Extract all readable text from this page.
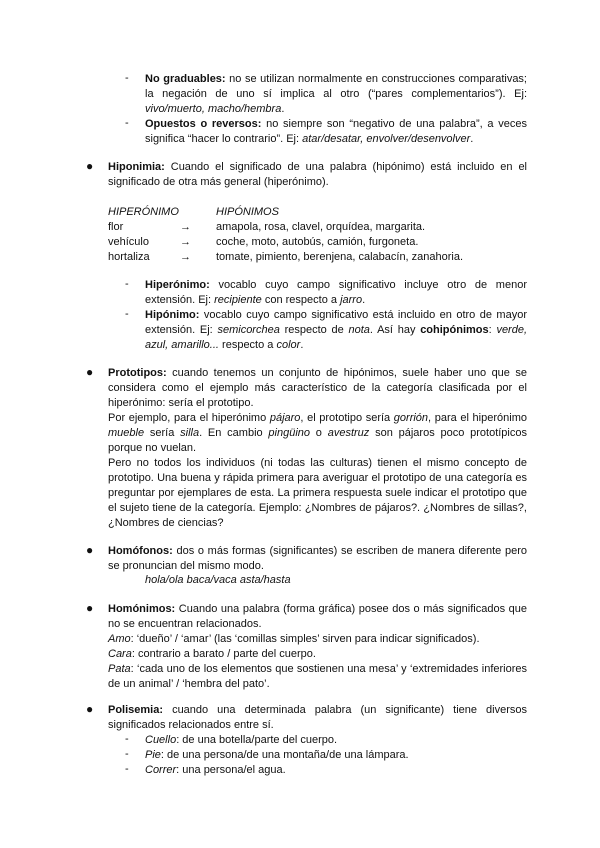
- No graduables: no se utilizan normalmente en construcciones comparativas; la negación de uno sí implica al otro (“pares complementarios”). Ej: vivo/muerto, macho/hembra.

- Opuestos o reversos: no siempre son “negativo de una palabra”, a veces significa “hacer lo contrario”. Ej: atar/desatar, envolver/desenvolver.

● Hiponimia: Cuando el significado de una palabra (hipónimo) está incluido en el significado de otra más general (hiperónimo).

HIPERÓNIMO	HIPÓNIMOS
flor	→ amapola, rosa, clavel, orquídea, margarita.
vehículo	→ coche, moto, autobús, camión, furgoneta.
hortaliza	→ tomate, pimiento, berenjena, calabacín, zanahoria.
- Hiperónimo: vocablo cuyo campo significativo incluye otro de menor extensión. Ej: recipiente con respecto a jarro.

- Hipónimo: vocablo cuyo campo significativo está incluido en otro de mayor extensión. Ej: semicorchea respecto de nota. Así hay cohipónimos: verde, azul, amarillo... respecto a color.

● Prototipos: cuando tenemos un conjunto de hipónimos, suele haber uno que se considera como el ejemplo más característico de la categoría clasificada por el hiperónimo: sería el prototipo.

Por ejemplo, para el hiperónimo pájaro, el prototipo sería gorrión, para el hiperónimo mueble sería silla. En cambio pingüino o avestruz son pájaros poco prototípicos porque no vuelan.

Pero no todos los individuos (ni todas las culturas) tienen el mismo concepto de prototipo. Una buena y rápida primera para averiguar el prototipo de una categoría es preguntar por ejemplares de esta. La primera respuesta suele indicar el prototipo que el sujeto tiene de la categoría. Ejemplo: ¿Nombres de pájaros?. ¿Nombres de sillas?, ¿Nombres de ciencias?

● Homófonos: dos o más formas (significantes) se escriben de manera diferente pero se pronuncian del mismo modo.

hola/ola baca/vaca asta/hasta
● Homónimos: Cuando una palabra (forma gráfica) posee dos o más significados que no se encuentran relacionados.

Amo: ‘dueño’ / ‘amar’ (las ‘comillas simples’ sirven para indicar significados).

Cara: contrario a barato / parte del cuerpo.

Pata: ‘cada uno de los elementos que sostienen una mesa’ y ‘extremidades inferiores de un animal’ / ‘hembra del pato’.

● Polisemia: cuando una determinada palabra (un significante) tiene diversos significados relacionados entre sí.

- Cuello: de una botella/parte del cuerpo.

- Pie: de una persona/de una montaña/de una lámpara.

- Correr: una persona/el agua.
